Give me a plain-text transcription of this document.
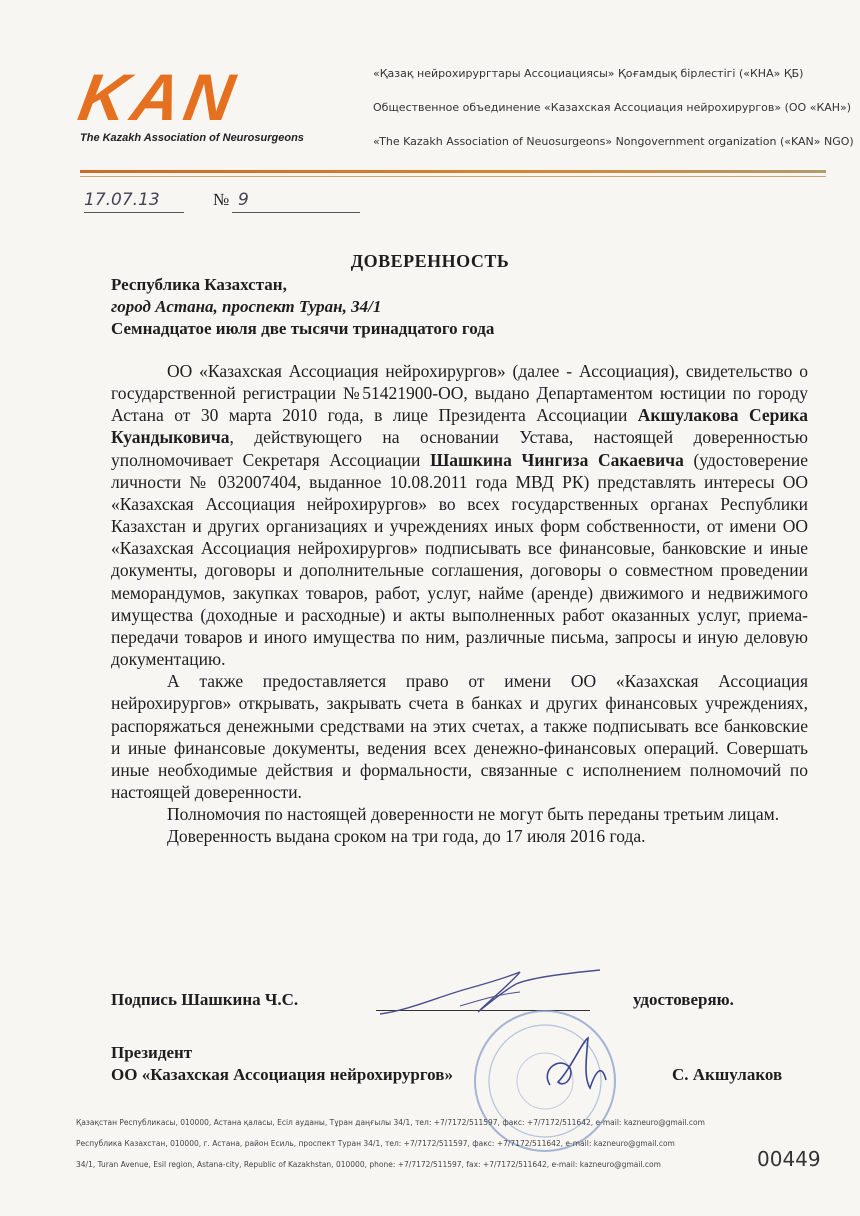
KAN
The Kazakh Association of Neurosurgeons
«Қазақ нейрохирургтары Ассоциациясы» Қоғамдық бірлестігі («КНА» ҚБ)
Общественное объединение «Казахская Ассоциация нейрохирургов» (ОО «КАН»)
«The Kazakh Association of Neuosurgeons» Nongovernment organization («KAN» NGO)
17.07.13	№ 9
ДОВЕРЕННОСТЬ
Республика Казахстан,
город Астана, проспект Туран, 34/1
Семнадцатое июля две тысячи тринадцатого года

ОО «Казахская Ассоциация нейрохирургов» (далее - Ассоциация), свидетельство о государственной регистрации №51421900-ОО, выдано Департаментом юстиции по городу Астана от 30 марта 2010 года, в лице Президента Ассоциации Акшулакова Серика Куандыковича, действующего на основании Устава, настоящей доверенностью уполномочивает Секретаря Ассоциации Шашкина Чингиза Сакаевича (удостоверение личности № 032007404, выданное 10.08.2011 года МВД РК) представлять интересы ОО «Казахская Ассоциация нейрохирургов» во всех государственных органах Республики Казахстан и других организациях и учреждениях иных форм собственности, от имени ОО «Казахская Ассоциация нейрохирургов» подписывать все финансовые, банковские и иные документы, договоры и дополнительные соглашения, договоры о совместном проведении меморандумов, закупках товаров, работ, услуг, найме (аренде) движимого и недвижимого имущества (доходные и расходные) и акты выполненных работ оказанных услуг, приема-передачи товаров и иного имущества по ним, различные письма, запросы и иную деловую документацию.

А также предоставляется право от имени ОО «Казахская Ассоциация нейрохирургов» открывать, закрывать счета в банках и других финансовых учреждениях, распоряжаться денежными средствами на этих счетах, а также подписывать все банковские и иные финансовые документы, ведения всех денежно-финансовых операций. Совершать иные необходимые действия и формальности, связанные с исполнением полномочий по настоящей доверенности.

Полномочия по настоящей доверенности не могут быть переданы третьим лицам.

Доверенность выдана сроком на три года, до 17 июля 2016 года.

Подпись Шашкина Ч.С.	удостоверяю.
Президент
ОО «Казахская Ассоциация нейрохирургов»	С. Акшулаков
Қазақстан Республикасы, 010000, Астана қаласы, Есіл ауданы, Тұран даңғылы 34/1, тел: +7/7172/511597, факс: +7/7172/511642, e-mail: kazneuro@gmail.com
Республика Казахстан, 010000, г. Астана, район Есиль, проспект Туран 34/1, тел: +7/7172/511597, факс: +7/7172/511642, e-mail: kazneuro@gmail.com
34/1, Turan Avenue, Esil region, Astana-city, Republic of Kazakhstan, 010000, phone: +7/7172/511597, fax: +7/7172/511642, e-mail: kazneuro@gmail.com	00449
